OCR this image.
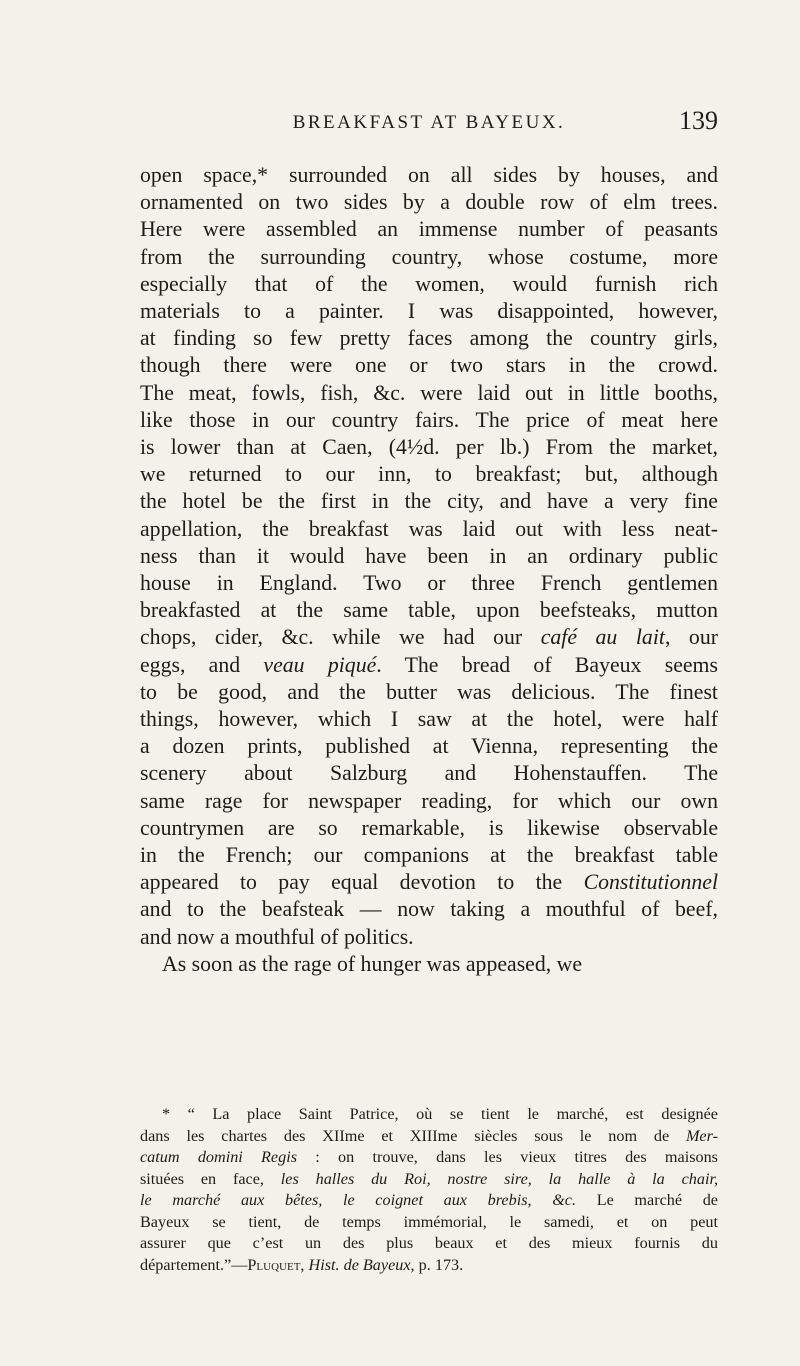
BREAKFAST AT BAYEUX.	139
open space,* surrounded on all sides by houses, and
ornamented on two sides by a double row of elm trees.
Here were assembled an immense number of peasants
from the surrounding country, whose costume, more
especially that of the women, would furnish rich
materials to a painter. I was disappointed, however,
at finding so few pretty faces among the country girls,
though there were one or two stars in the crowd.
The meat, fowls, fish, &c. were laid out in little booths,
like those in our country fairs. The price of meat here
is lower than at Caen, (4½d. per lb.) From the market,
we returned to our inn, to breakfast; but, although
the hotel be the first in the city, and have a very fine
appellation, the breakfast was laid out with less neat-
ness than it would have been in an ordinary public
house in England. Two or three French gentlemen
breakfasted at the same table, upon beefsteaks, mutton
chops, cider, &c. while we had our café au lait, our
eggs, and veau piqué. The bread of Bayeux seems
to be good, and the butter was delicious. The finest
things, however, which I saw at the hotel, were half
a dozen prints, published at Vienna, representing the
scenery about Salzburg and Hohenstauffen. The
same rage for newspaper reading, for which our own
countrymen are so remarkable, is likewise observable
in the French; our companions at the breakfast table
appeared to pay equal devotion to the Constitutionnel
and to the beafsteak — now taking a mouthful of beef,
and now a mouthful of politics.
As soon as the rage of hunger was appeased, we
* “ La place Saint Patrice, où se tient le marché, est designée
dans les chartes des XIIme et XIIIme siècles sous le nom de Mer-
catum domini Regis : on trouve, dans les vieux titres des maisons
situées en face, les halles du Roi, nostre sire, la halle à la chair,
le marché aux bêtes, le coignet aux brebis, &c. Le marché de
Bayeux se tient, de temps immémorial, le samedi, et on peut
assurer que c’est un des plus beaux et des mieux fournis du
département.”—Pluquet, Hist. de Bayeux, p. 173.
